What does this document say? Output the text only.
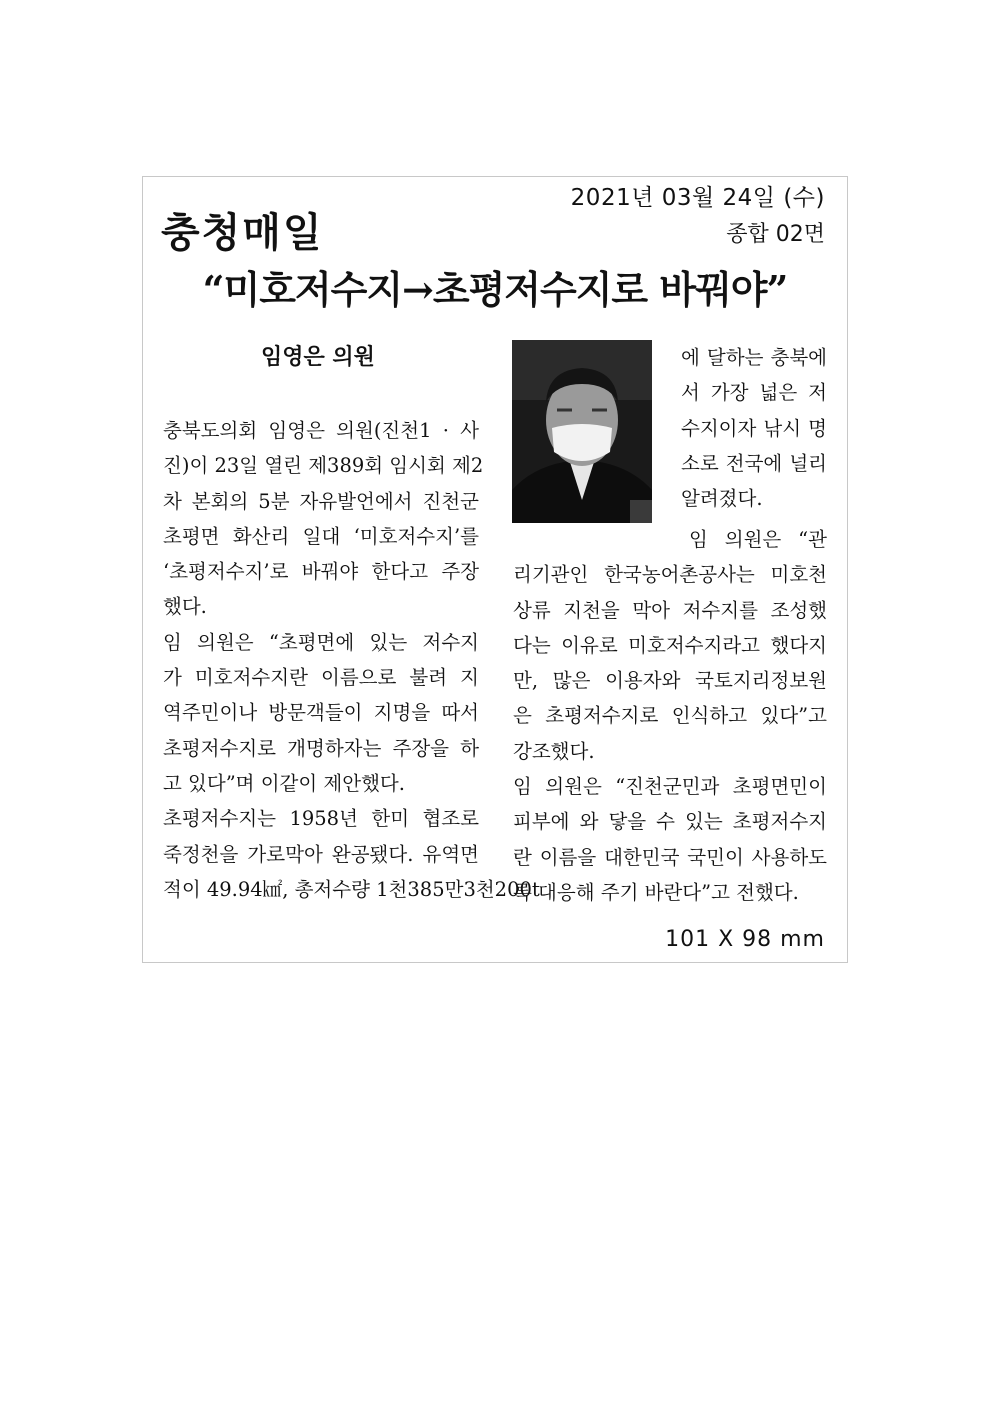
2021년 03월 24일 (수)
충청매일	종합 02면
“미호저수지→초평저수지로 바꿔야”
임영은 의원

충북도의회 임영은 의원(진천1 · 사

진)이 23일 열린 제389회 임시회 제2

차 본회의 5분 자유발언에서 진천군

초평면 화산리 일대 ‘미호저수지’를

‘초평저수지’로 바꿔야 한다고 주장

했다.

임 의원은 “초평면에 있는 저수지

가 미호저수지란 이름으로 불려 지

역주민이나 방문객들이 지명을 따서

초평저수지로 개명하자는 주장을 하

고 있다”며 이같이 제안했다.

초평저수지는 1958년 한미 협조로

죽정천을 가로막아 완공됐다. 유역면

적이 49.94㎢, 총저수량 1천385만3천200t

에 달하는 충북에

서 가장 넓은 저

수지이자 낚시 명

소로 전국에 널리

알려졌다.

임 의원은 “관

리기관인 한국농어촌공사는 미호천

상류 지천을 막아 저수지를 조성했

다는 이유로 미호저수지라고 했다지

만, 많은 이용자와 국토지리정보원

은 초평저수지로 인식하고 있다”고

강조했다.

임 의원은 “진천군민과 초평면민이

피부에 와 닿을 수 있는 초평저수지

란 이름을 대한민국 국민이 사용하도

록 대응해 주기 바란다”고 전했다.

101 X 98 mm
